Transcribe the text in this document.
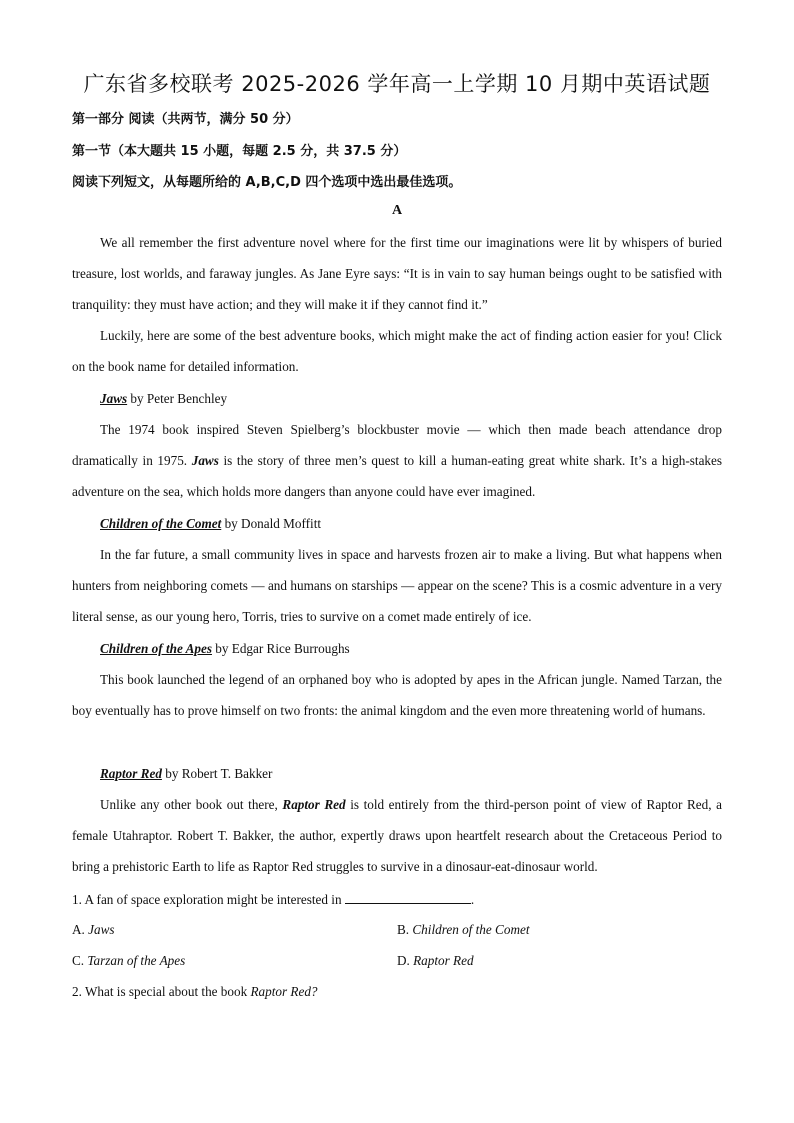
广东省多校联考 2025-2026 学年高一上学期 10 月期中英语试题
第一部分 阅读（共两节，满分 50 分）
第一节（本大题共 15 小题，每题 2.5 分，共 37.5 分）
阅读下列短文，从每题所给的 A,B,C,D 四个选项中选出最佳选项。
A

We all remember the first adventure novel where for the first time our imaginations were lit by whispers of buried treasure, lost worlds, and faraway jungles. As Jane Eyre says: “It is in vain to say human beings ought to be satisfied with tranquility: they must have action; and they will make it if they cannot find it.”

Luckily, here are some of the best adventure books, which might make the act of finding action easier for you! Click on the book name for detailed information.

Jaws by Peter Benchley

The 1974 book inspired Steven Spielberg’s blockbuster movie — which then made beach attendance drop dramatically in 1975. Jaws is the story of three men’s quest to kill a human-eating great white shark. It’s a high-stakes adventure on the sea, which holds more dangers than anyone could have ever imagined.

Children of the Comet by Donald Moffitt

In the far future, a small community lives in space and harvests frozen air to make a living. But what happens when hunters from neighboring comets — and humans on starships — appear on the scene? This is a cosmic adventure in a very literal sense, as our young hero, Torris, tries to survive on a comet made entirely of ice.

Children of the Apes by Edgar Rice Burroughs

This book launched the legend of an orphaned boy who is adopted by apes in the African jungle. Named Tarzan, the boy eventually has to prove himself on two fronts: the animal kingdom and the even more threatening world of humans.

Raptor Red by Robert T. Bakker

Unlike any other book out there, Raptor Red is told entirely from the third-person point of view of Raptor Red, a female Utahraptor. Robert T. Bakker, the author, expertly draws upon heartfelt research about the Cretaceous Period to bring a prehistoric Earth to life as Raptor Red struggles to survive in a dinosaur-eat-dinosaur world.

1. A fan of space exploration might be interested in	.
A. Jaws	B. Children of the Comet
C. Tarzan of the Apes	D. Raptor Red
2. What is special about the book Raptor Red?
